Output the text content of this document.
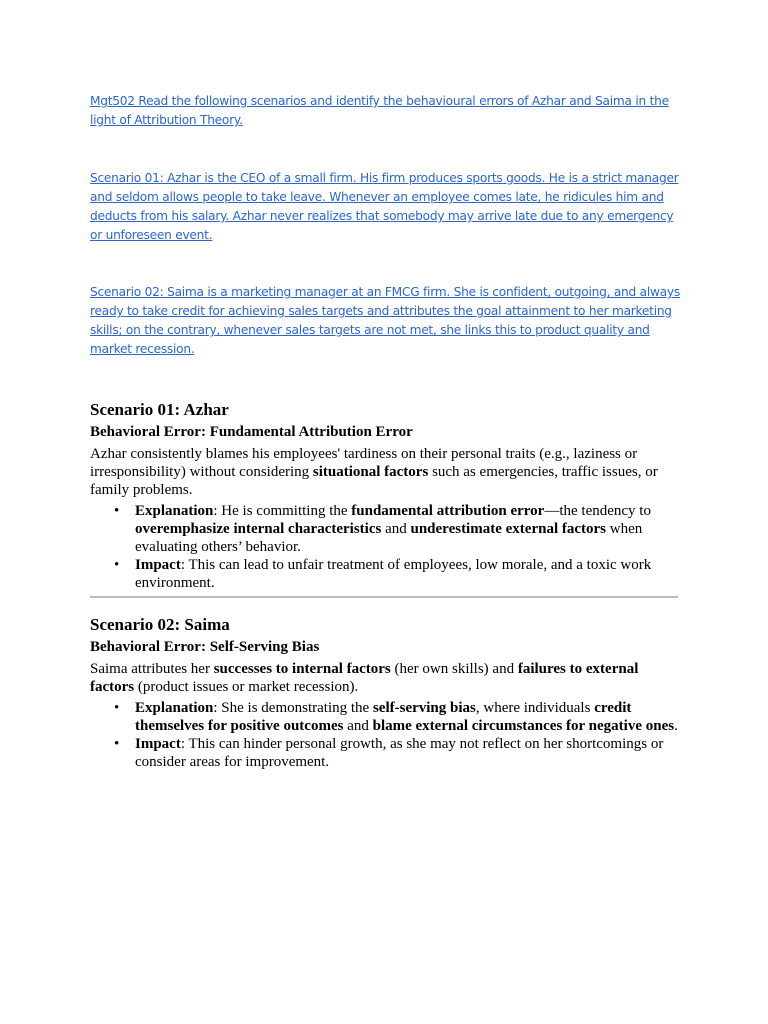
Mgt502 Read the following scenarios and identify the behavioural errors of Azhar and Saima in the light of Attribution Theory.

Scenario 01: Azhar is the CEO of a small firm. His firm produces sports goods. He is a strict manager and seldom allows people to take leave. Whenever an employee comes late, he ridicules him and deducts from his salary. Azhar never realizes that somebody may arrive late due to any emergency or unforeseen event.

Scenario 02: Saima is a marketing manager at an FMCG firm. She is confident, outgoing, and always ready to take credit for achieving sales targets and attributes the goal attainment to her marketing skills; on the contrary, whenever sales targets are not met, she links this to product quality and market recession.

Scenario 01: Azhar
Behavioral Error: Fundamental Attribution Error

Azhar consistently blames his employees' tardiness on their personal traits (e.g., laziness or irresponsibility) without considering situational factors such as emergencies, traffic issues, or family problems.

• Explanation: He is committing the fundamental attribution error—the tendency to overemphasize internal characteristics and underestimate external factors when evaluating others’ behavior.
• Impact: This can lead to unfair treatment of employees, low morale, and a toxic work environment.
Scenario 02: Saima
Behavioral Error: Self-Serving Bias

Saima attributes her successes to internal factors (her own skills) and failures to external factors (product issues or market recession).

• Explanation: She is demonstrating the self-serving bias, where individuals credit themselves for positive outcomes and blame external circumstances for negative ones.
• Impact: This can hinder personal growth, as she may not reflect on her shortcomings or consider areas for improvement.
